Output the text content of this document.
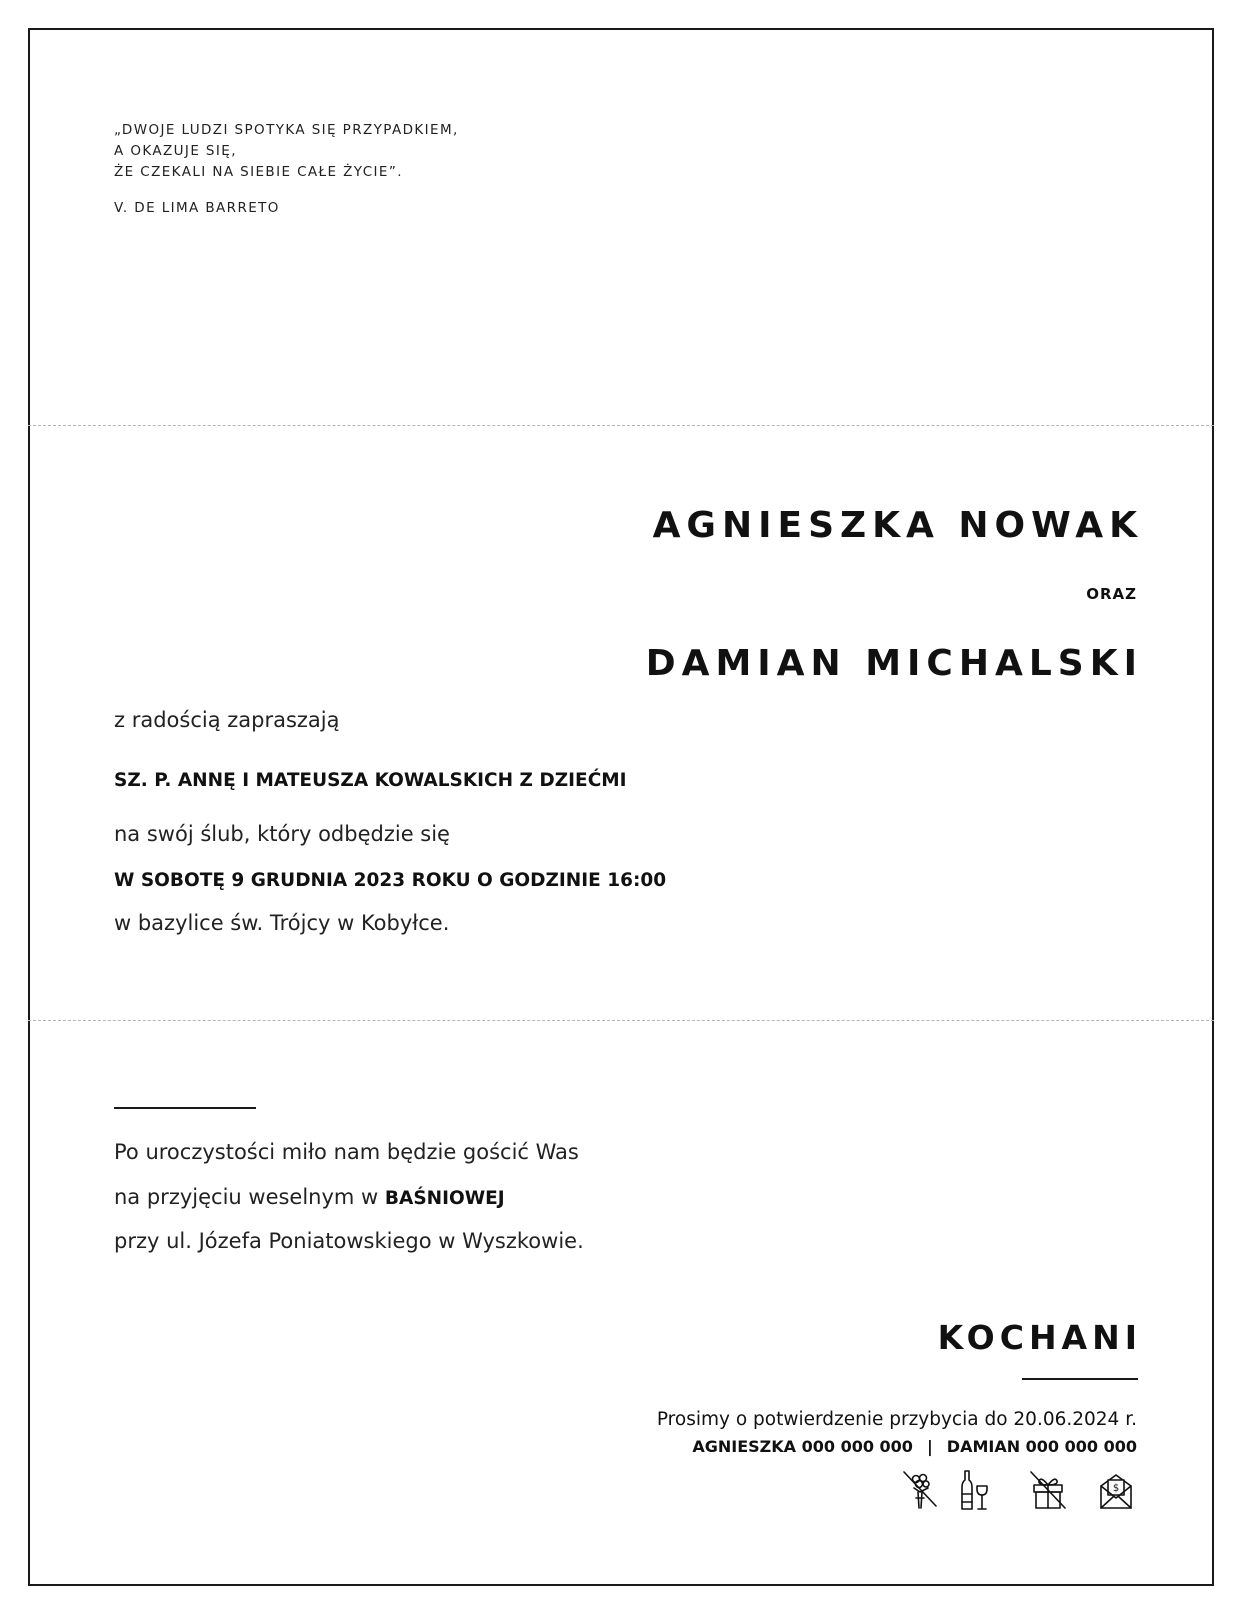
„DWOJE LUDZI SPOTYKA SIĘ PRZYPADKIEM,
A OKAZUJE SIĘ,
ŻE CZEKALI NA SIEBIE CAŁE ŻYCIE”.
V. DE LIMA BARRETO
AGNIESZKA NOWAK
ORAZ
DAMIAN MICHALSKI
z radością zapraszają
SZ. P. ANNĘ I MATEUSZA KOWALSKICH Z DZIEĆMI
na swój ślub, który odbędzie się
W SOBOTĘ 9 GRUDNIA 2023 ROKU O GODZINIE 16:00
w bazylice św. Trójcy w Kobyłce.
Po uroczystości miło nam będzie gościć Was
na przyjęciu weselnym w BAŚNIOWEJ
przy ul. Józefa Poniatowskiego w Wyszkowie.
KOCHANI
Prosimy o potwierdzenie przybycia do 20.06.2024 r.
AGNIESZKA 000 000 000 | DAMIAN 000 000 000
$
